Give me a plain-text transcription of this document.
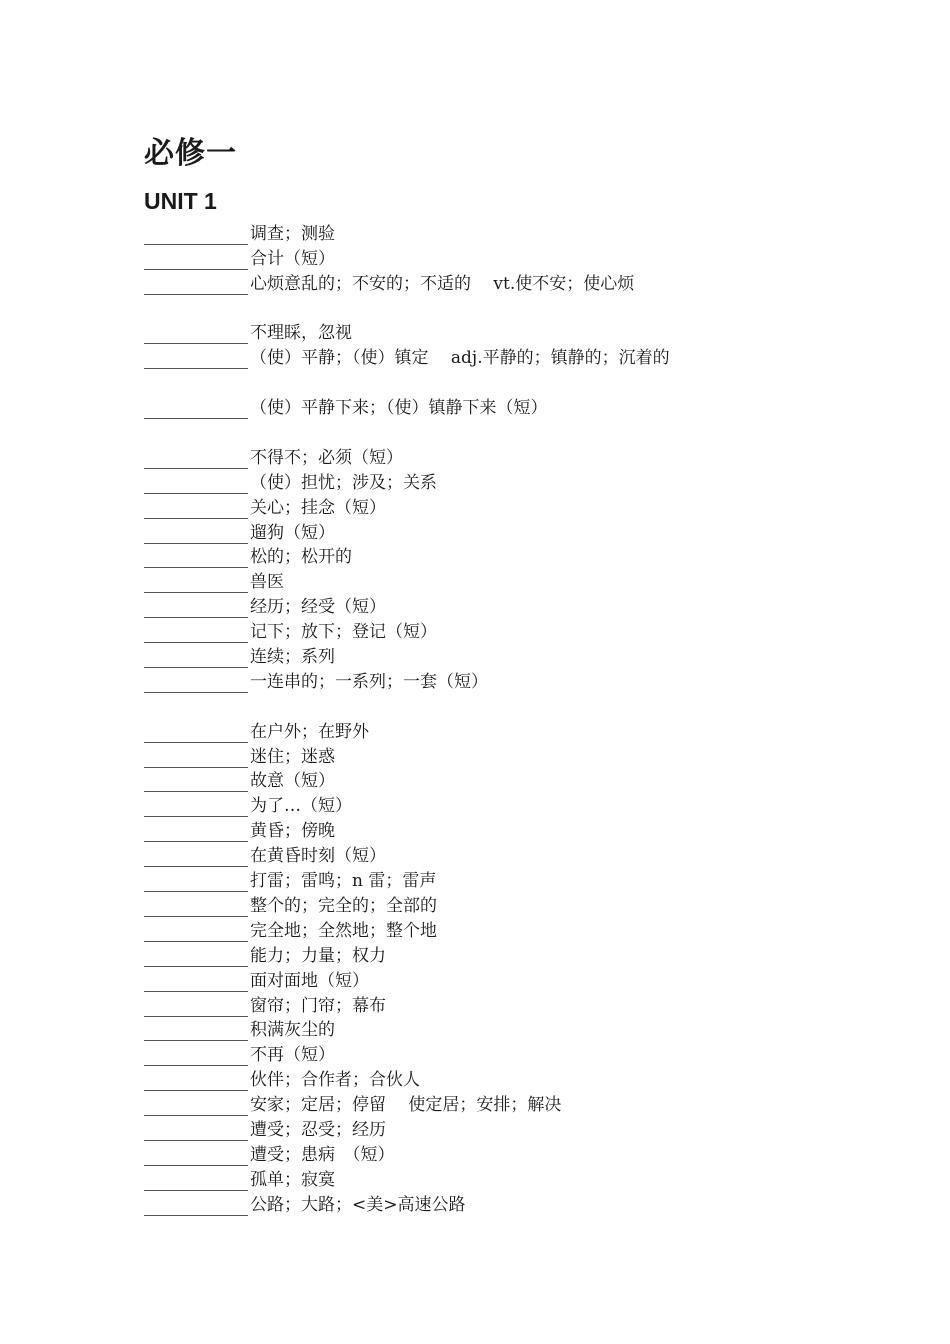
必修一
UNIT 1
调查；测验
合计（短）
心烦意乱的；不安的；不适的　 vt.使不安；使心烦
不理睬，忽视
（使）平静；（使）镇定　 adj.平静的；镇静的；沉着的
（使）平静下来；（使）镇静下来（短）
不得不；必须（短）
（使）担忧；涉及；关系
关心；挂念（短）
遛狗（短）
松的；松开的
兽医
经历；经受（短）
记下；放下；登记（短）
连续；系列
一连串的；一系列；一套（短）
在户外；在野外
迷住；迷惑
故意（短）
为了…（短）
黄昏；傍晚
在黄昏时刻（短）
打雷；雷鸣；n 雷；雷声
整个的；完全的；全部的
完全地；全然地；整个地
能力；力量；权力
面对面地（短）
窗帘；门帘；幕布
积满灰尘的
不再（短）
伙伴；合作者；合伙人
安家；定居；停留　 使定居；安排；解决
遭受；忍受；经历
遭受；患病　（短）
孤单；寂寞
公路；大路；<美>高速公路
